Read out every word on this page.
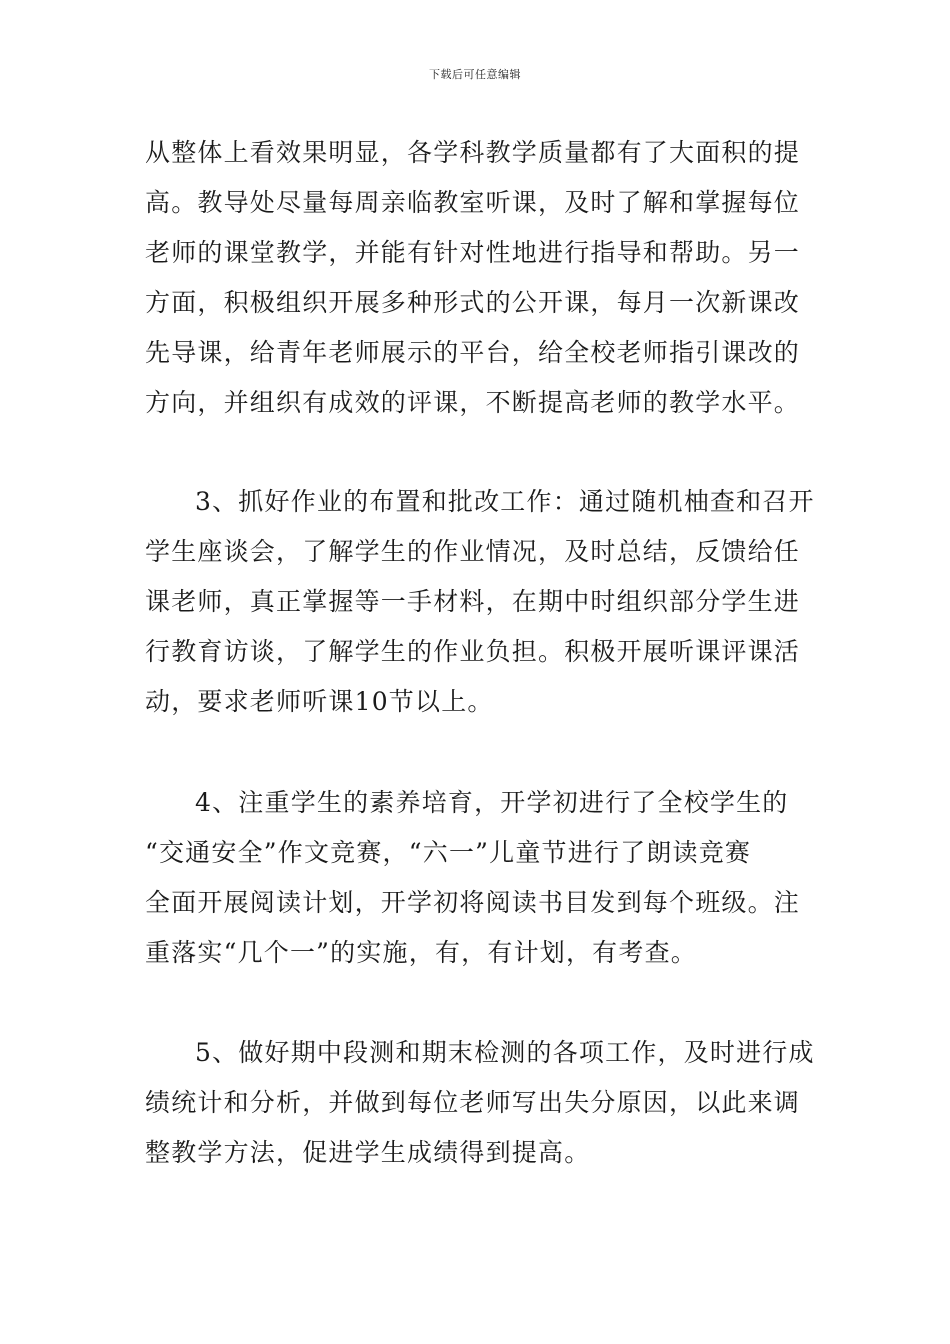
下载后可任意编辑
从整体上看效果明显，各学科教学质量都有了大面积的提
高。教导处尽量每周亲临教室听课，及时了解和掌握每位
老师的课堂教学，并能有针对性地进行指导和帮助。另一
方面，积极组织开展多种形式的公开课，每月一次新课改
先导课，给青年老师展示的平台，给全校老师指引课改的
方向，并组织有成效的评课，不断提高老师的教学水平。
3、抓好作业的布置和批改工作：通过随机柚查和召开
学生座谈会，了解学生的作业情况，及时总结，反馈给任
课老师，真正掌握等一手材料，在期中时组织部分学生进
行教育访谈，了解学生的作业负担。积极开展听课评课活
动，要求老师听课10节以上。
4、注重学生的素养培育，开学初进行了全校学生的
“交通安全”作文竞赛，“六一”儿童节进行了朗读竞赛
全面开展阅读计划，开学初将阅读书目发到每个班级。注
重落实“几个一”的实施，有，有计划，有考查。
5、做好期中段测和期末检测的各项工作，及时进行成
绩统计和分析，并做到每位老师写出失分原因，以此来调
整教学方法，促进学生成绩得到提高。
